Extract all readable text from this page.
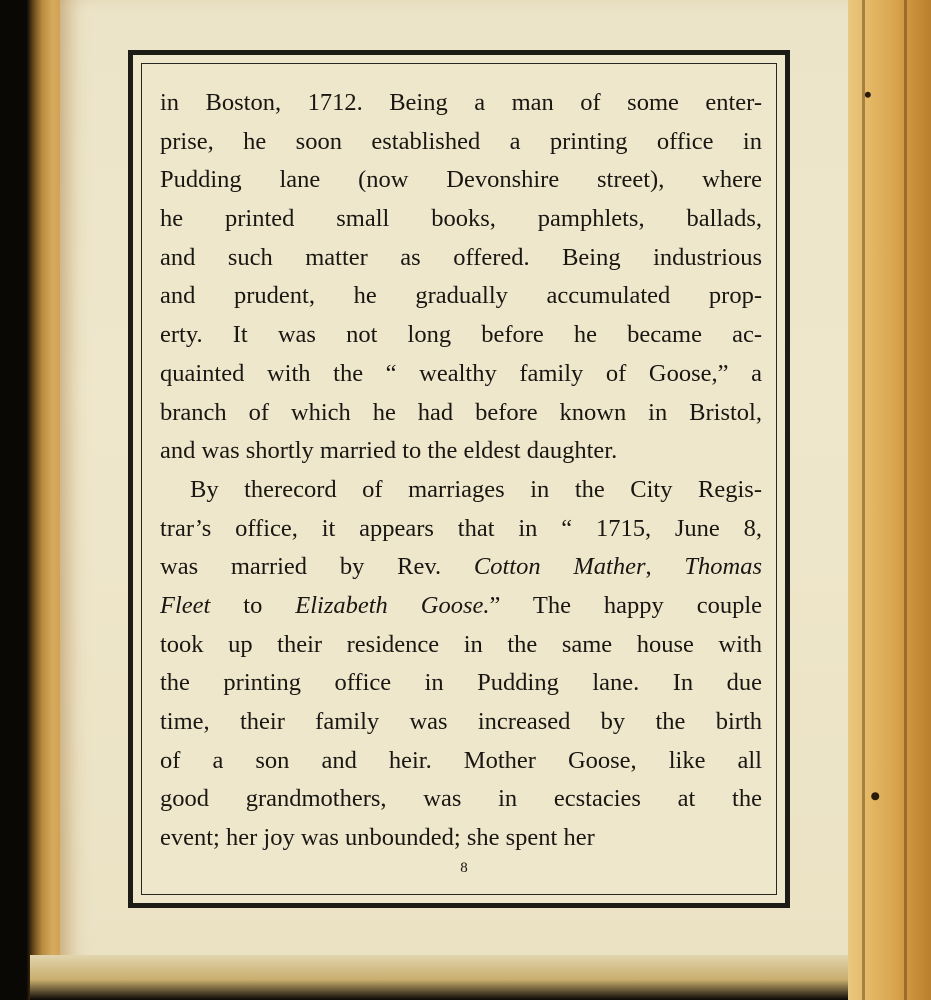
•
•
in Boston, 1712. Being a man of some enter-
prise, he soon established a printing office in
Pudding lane (now Devonshire street), where
he printed small books, pamphlets, ballads,
and such matter as offered. Being industrious
and prudent, he gradually accumulated prop-
erty. It was not long before he became ac-
quainted with the “ wealthy family of Goose,” a
branch of which he had before known in Bristol,
and was shortly married to the eldest daughter.
By therecord of marriages in the City Regis-
trar’s office, it appears that in “ 1715, June 8,
was married by Rev. Cotton Mather, Thomas
Fleet to Elizabeth Goose.” The happy couple
took up their residence in the same house with
the printing office in Pudding lane. In due
time, their family was increased by the birth
of a son and heir. Mother Goose, like all
good grandmothers, was in ecstacies at the
event; her joy was unbounded; she spent her
8
